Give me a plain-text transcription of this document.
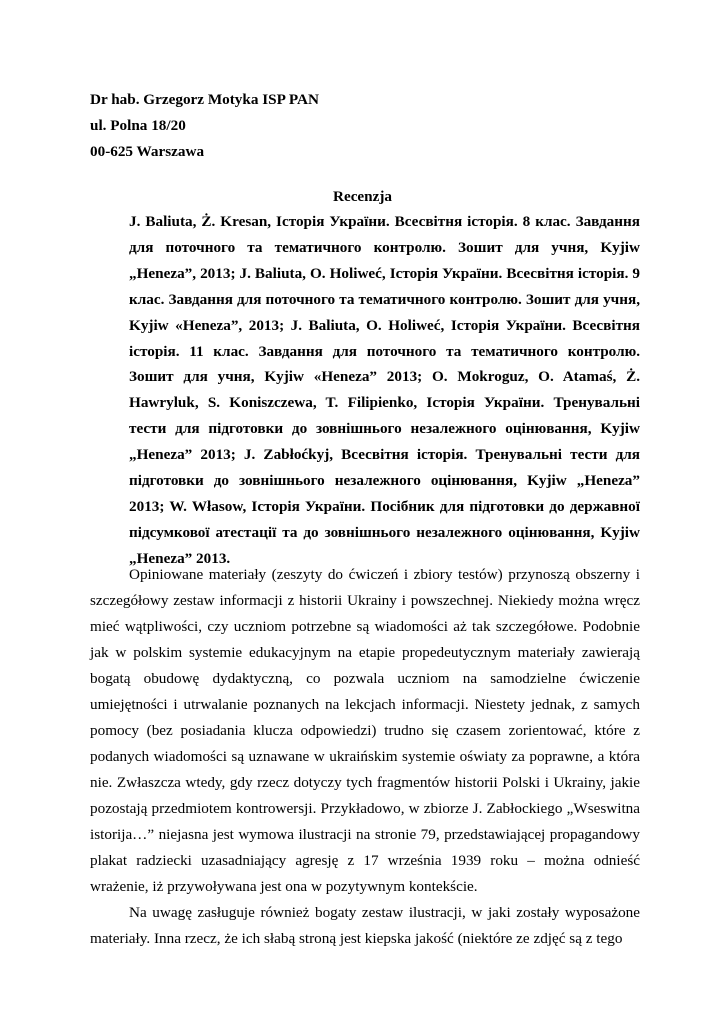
Dr hab. Grzegorz Motyka ISP PAN
ul. Polna 18/20
00-625 Warszawa
Recenzja
J. Baliuta, Ż. Kresan, Історія України. Всесвітня історія. 8 клас. Завдання для поточного та тематичного контролю. Зошит для учня, Kyjiw „Heneza”, 2013; J. Baliuta, O. Holiweć, Історія України. Всесвітня історія. 9 клас. Завдання для поточного та тематичного контролю. Зошит для учня, Kyjiw «Heneza”, 2013; J. Baliuta, O. Holiweć, Історія України. Всесвітня історія. 11 клас. Завдання для поточного та тематичного контролю. Зошит для учня, Kyjiw «Heneza” 2013; O. Mokroguz, O. Atamaś, Ż. Hawryluk, S. Koniszczewa, T. Filipienko, Історія України. Тренувальні тести для підготовки до зовнішнього незалежного оцінювання, Kyjiw „Heneza” 2013; J. Zabłoćkyj, Всесвітня історія. Тренувальні тести для підготовки до зовнішнього незалежного оцінювання, Kyjiw „Heneza” 2013; W. Własow, Історія України. Посібник для підготовки до державної підсумкової атестації та до зовнішнього незалежного оцінювання, Kyjiw „Heneza” 2013.

Opiniowane materiały (zeszyty do ćwiczeń i zbiory testów) przynoszą obszerny i szczegółowy zestaw informacji z historii Ukrainy i powszechnej. Niekiedy można wręcz mieć wątpliwości, czy uczniom potrzebne są wiadomości aż tak szczegółowe. Podobnie jak w polskim systemie edukacyjnym na etapie propedeutycznym materiały zawierają bogatą obudowę dydaktyczną, co pozwala uczniom na samodzielne ćwiczenie umiejętności i utrwalanie poznanych na lekcjach informacji. Niestety jednak, z samych pomocy (bez posiadania klucza odpowiedzi) trudno się czasem zorientować, które z podanych wiadomości są uznawane w ukraińskim systemie oświaty za poprawne, a która nie. Zwłaszcza wtedy, gdy rzecz dotyczy tych fragmentów historii Polski i Ukrainy, jakie pozostają przedmiotem kontrowersji. Przykładowo, w zbiorze J. Zabłockiego „Wseswitna istorija…” niejasna jest wymowa ilustracji na stronie 79, przedstawiającej propagandowy plakat radziecki uzasadniający agresję z 17 września 1939 roku – można odnieść wrażenie, iż przywoływana jest ona w pozytywnym kontekście.

Na uwagę zasługuje również bogaty zestaw ilustracji, w jaki zostały wyposażone materiały. Inna rzecz, że ich słabą stroną jest kiepska jakość (niektóre ze zdjęć są z tego
